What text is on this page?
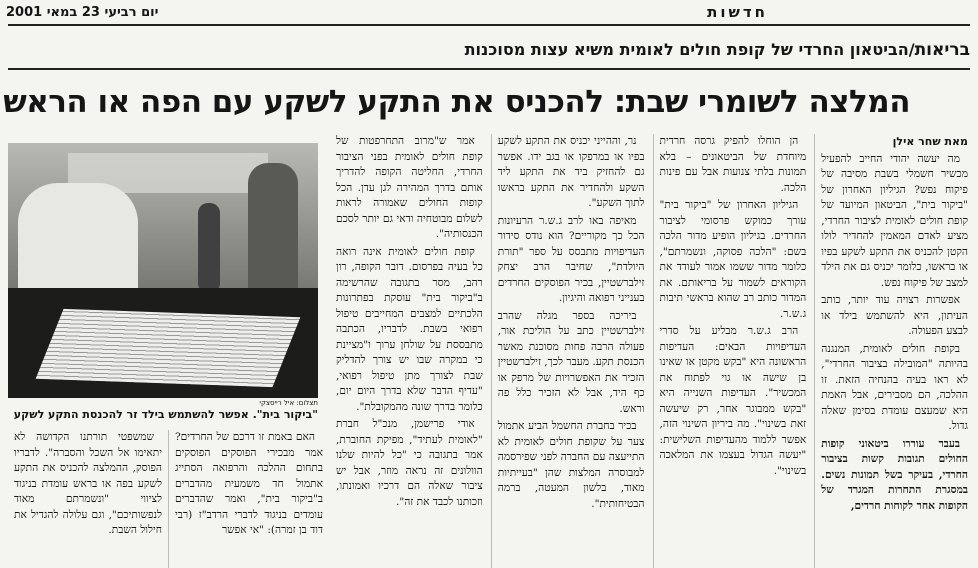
יום רביעי 23 במאי 2001	חדשות
בריאות/הביטאון החרדי של קופת חולים לאומית משיא עצות מסוכנות
המלצה לשומרי שבת: להכניס את התקע לשקע עם הפה או הראש

מאת שחר אילן

מה יעשה יהודי החייב להפעיל מכשיר חשמלי בשבת מסיבה של פיקוח נפש? הגיליון האחרון של "ביקור בית", הביטאון המיועד של קופת חולים לאומית לציבור החרדי, מציע לאדם המאמין להחדיר לולו הקטן להכניס את התקע לשקע בפיו או בראשו, כלומר יכניס גם את הילד למצב של פיקוח נפש.

אפשרות רצויה עוד יותר, כותב העיתון, היא להשתמש בילד או לבצע הפעולה.

בקופת חולים לאומית, המנגנה בהיותה "המובילה בציבור החרדי", לא ראו בעיה בהנחיה הזאת. זו ההלכה, הם מסבירים, אבל האמת היא שמעצם עומדת בסימן שאלה גדול.

בעבר עוררו ביטאוני קופות החולים תגובות קשות בציבור החרדי, בעיקר בשל תמונות נשים. במסגרת התחרות המגרד של הקופות אחר לקוחות חרדים,

הן הוחלו להפיק גרסה חרדית מיוחדת של הביטאונים – בלא תמונות בלתי צנועות אבל עם פינות הלכה.

הגיליון האחרון של "ביקור בית" עורך כמוקש פרסומי לציבור החרדים. בגיליון הופיע מדור הלכה בשם: "הלכה פסוקה, ונשמרתם", כלומר מדור ששמו אמור לעודד את הקוראים לשמור על בריאותם. את המדור כותב רב שהוא בראשי תיבות ג.ש.ר.

הרב ג.ש.ר מבליע על סדרי העדיפויות הבאים: העדיפות הראשונה היא "בקש מקטן או שאינו בן שישה או גוי לפתוח את המכשיר". העדיפות השנייה היא "בקש ממבוגר אחר, רק שיעשה זאת בשינוי". מה ביריון השינוי הזה, אפשר ללמוד מהעדיפות השלישית: "יעשה הגדול בעצמו את המלאכה בשינוי".

נר, וההייני יכניס את התקע לשקע בפיו או במרפקו או בגב ידו. אפשר גם להחזיק ביד את התקע ליד השקע ולהחדיר את התקע בראשו לתוך השקע".

מאיפה באו לרב ג.ש.ר הרעיונות הכל כך מקוריים? הוא נודס סידור העדיפויות מתבסס על ספר "תורת היולדת", שחיבר הרב יצחק זילברשטיין, בכיר הפוסקים החרדים בענייני רפואה והיגיון.

ביריכה בספר מגלה שהרב זילברשטיין כתב על הוליכת אור, פעולה הרבה פחות מסוכנת מאשר הכנסת תקע. מעבר לכך, זילברשטיין הזכיר את האפשרויות של מרפק או כף היד, אבל לא הזכיר כלל פה וראש.

בכיר בחברת החשמל הביע אתמול צער על שקופת חולים לאומית לא התייעצה עם החברה לפני שפירסמה למבוסרה המלצות שהן "בעייתיות מאוד, בלשון המעטה, ברמה הבטיחותית".

אמר ש"מרוב התחרפטות של קופת חולים לאומית בפני הציבור החרדי, החליטה הקופה להדריך אותם בדרך המהירה לגן עדן. הכל קופות החולים שאמורה לראות לשלום מבוטחיה ודאי גם יותר לסכם הכנסותיה".

קופת חולים לאומית אינה רואה כל בעיה בפרסום. דובר הקופה, רון רהב, מסר בתגובה שהרשימה ב"ביקור בית" עוסקת בפתרונות הלכתיים למצבים המחייבים טיפול רפואי בשבת. לדבריו, הכתבה מתבססת על שולחן ערוך ו"מציינת כי במקרה שבו יש צורך להדליק שבת לצורך מתן טיפול רפואי, "עדיף הדבר שלא בדרך היום יום, כלומר בדרך שונה מהמקובלת".

אודי פרישמן, מנכ"ל חברת "לאומית לעתיד", מפיקת החוברת, אמר בתגובה כי "כל להיות שלנו הוולונים זה נראה מוזר, אבל יש ציבור שאלה הם דרכיו ואמונתו, וזכותנו לכבד את זה".

תצלום: איל רייסצקי
"ביקור בית". אפשר להשתמש בילד זר להכנסת התקע לשקע

האם באמת זו דרכם של החרדים? אמר מבכירי הפוסקים הפוסקים בתחום ההלכה והרפואה הסתייג אתמול חד משמעית מהדברים ב"ביקור בית", ואמר שהדברים עומדים בניגוד לדברי הרדב"ז (רבי דוד בן זמרה): "אי אפשר

שמשפטי תורתנו הקדושה לא יתאימו אל השכל והסברה". לדבריו הפוסק, ההמלצה להכניס את התקע לשקע בפה או בראש עומדת בניגוד לציווי "ונשמרתם מאוד לנפשותיכם", וגם עלולה להגדיל את חילול השבת.
